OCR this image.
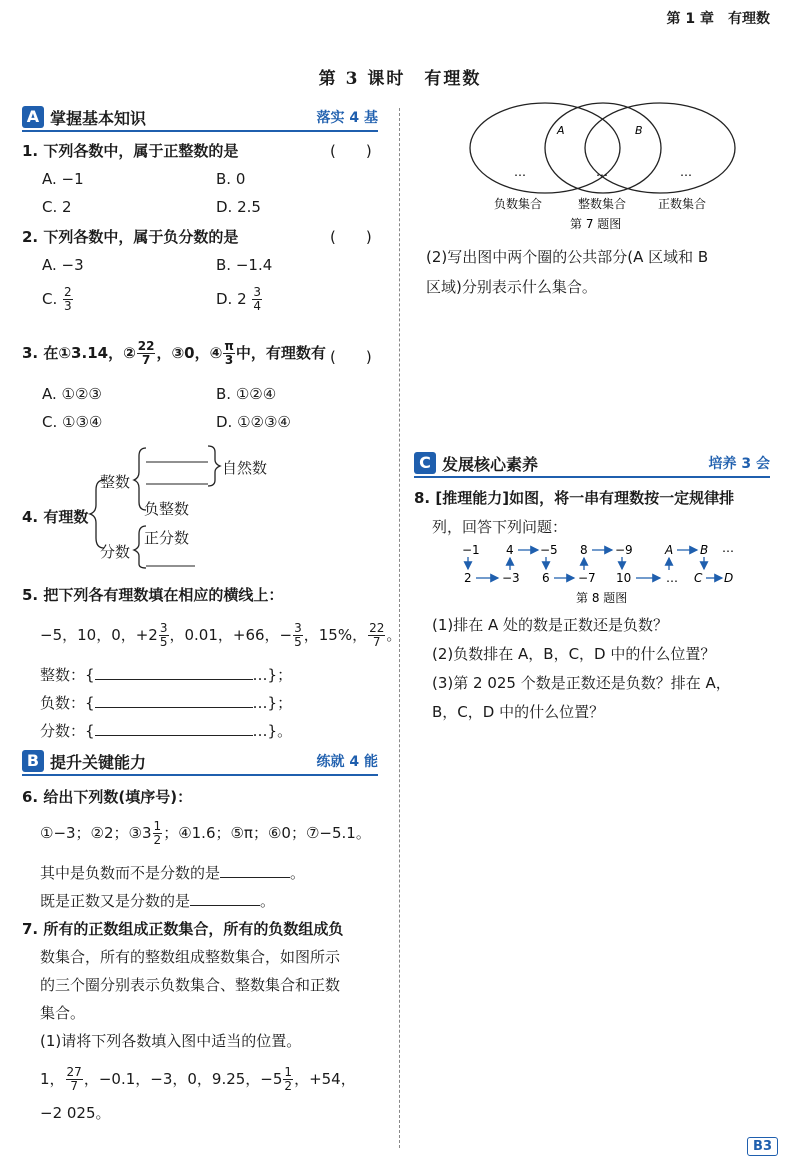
第 1 章　有理数
第 3 课时　有理数
A 掌握基本知识	落实 4 基
1. 下列各数中，属于正整数的是	(　　)
A. −1	B. 0
C. 2	D. 2.5
2. 下列各数中，属于负分数的是	(　　)
A. −3	B. −1.4
C. $\frac{2}{3}$	D. $2 \frac{3}{4}$
3. 在①3.14，② $\frac{22}{7}$ ，③0，④ $\frac{\pi}{3}$ 中，有理数有 (　　)
A. ①②③	B. ①②④
C. ①③④	D. ①②③④
4. 有理数
整数
分数
自然数
负整数
正分数
5. 把下列各有理数填在相应的横线上：
−5，10，0，$+2 \frac{3}{5}$ ，0.01，+66，− $\frac{3}{5}$ ，15%， $\frac{22}{7}$ 。
整数：{	…}；
负数：{	…}；
分数：{	…}。
B 提升关键能力	练就 4 能
6. 给出下列数(填序号)：
①−3；②2；③3 $\frac{1}{2}$ ；④1.6；⑤π；⑥0；⑦−5.1。
其中是负数而不是分数的是	。
既是正数又是分数的是	。
7. 所有的正数组成正数集合，所有的负数组成负
数集合，所有的整数组成整数集合，如图所示
的三个圈分别表示负数集合、整数集合和正数
集合。
(1)请将下列各数填入图中适当的位置。
1， $\frac{27}{7}$ ，−0.1，−3，0，9.25，$-5 \frac{1}{2}$ ，+54，
−2 025。
A	B
…	…	…
负数集合	整数集合	正数集合
第 7 题图
(2)写出图中两个圈的公共部分(A 区域和 B
区域)分别表示什么集合。
C 发展核心素养	培养 3 会
8. [推理能力]如图，将一串有理数按一定规律排
列，回答下列问题：
−1 4 −5 8 −9	A B …
2	−3 6 −7 10	… C D
第 8 题图
(1)排在 A 处的数是正数还是负数？
(2)负数排在 A，B，C，D 中的什么位置？
(3)第 2 025 个数是正数还是负数？排在 A，
B，C，D 中的什么位置？
B3
